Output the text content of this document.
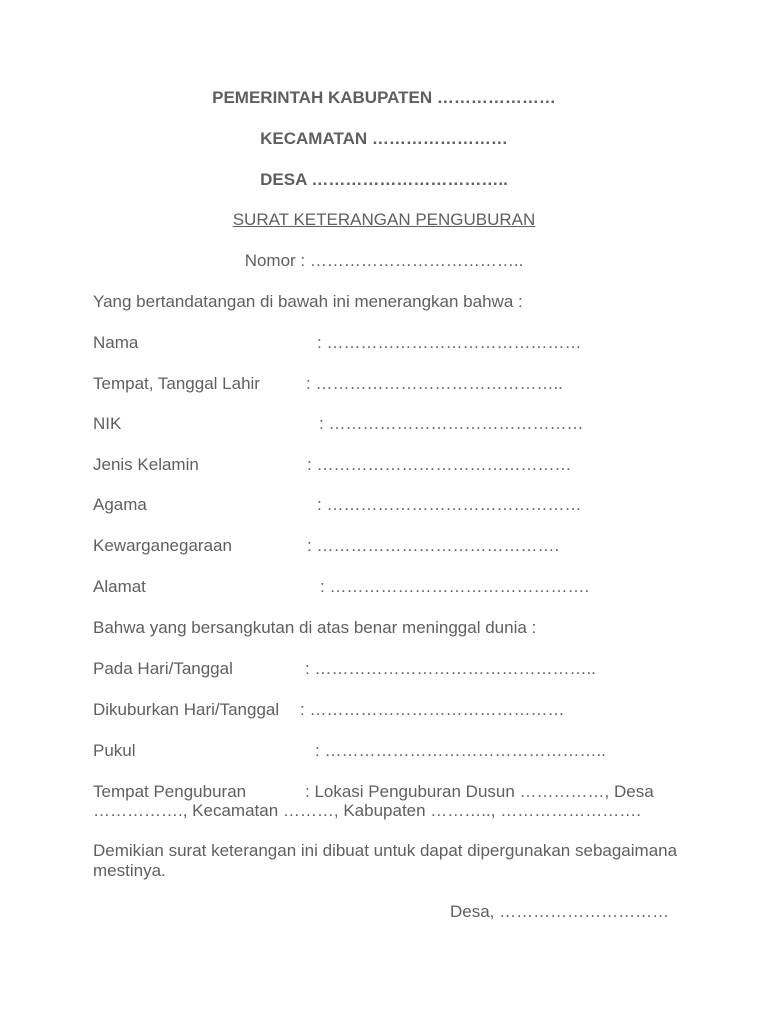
PEMERINTAH KABUPATEN …………………
KECAMATAN ……………………
DESA ……………………………..
SURAT KETERANGAN PENGUBURAN
Nomor : ………………………………..
Yang bertandatangan di bawah ini menerangkan bahwa :
Nama	: ………………………………………
Tempat, Tanggal Lahir	: ……………………………………..
NIK	: ………………………………………
Jenis Kelamin	: ………………………………………
Agama	: ………………………………………
Kewarganegaraan	: …………………………………….
Alamat	: ……………………………………….
Bahwa yang bersangkutan di atas benar meninggal dunia :
Pada Hari/Tanggal	: …………………………………………..
Dikuburkan Hari/Tanggal : ………………………………………
Pukul	: …………………………………………..
Tempat Penguburan	: Lokasi Penguburan Dusun ……………, Desa
……………., Kecamatan ………, Kabupaten ……….., …………………….
Demikian surat keterangan ini dibuat untuk dapat dipergunakan sebagaimana mestinya.
Desa, …………………………
